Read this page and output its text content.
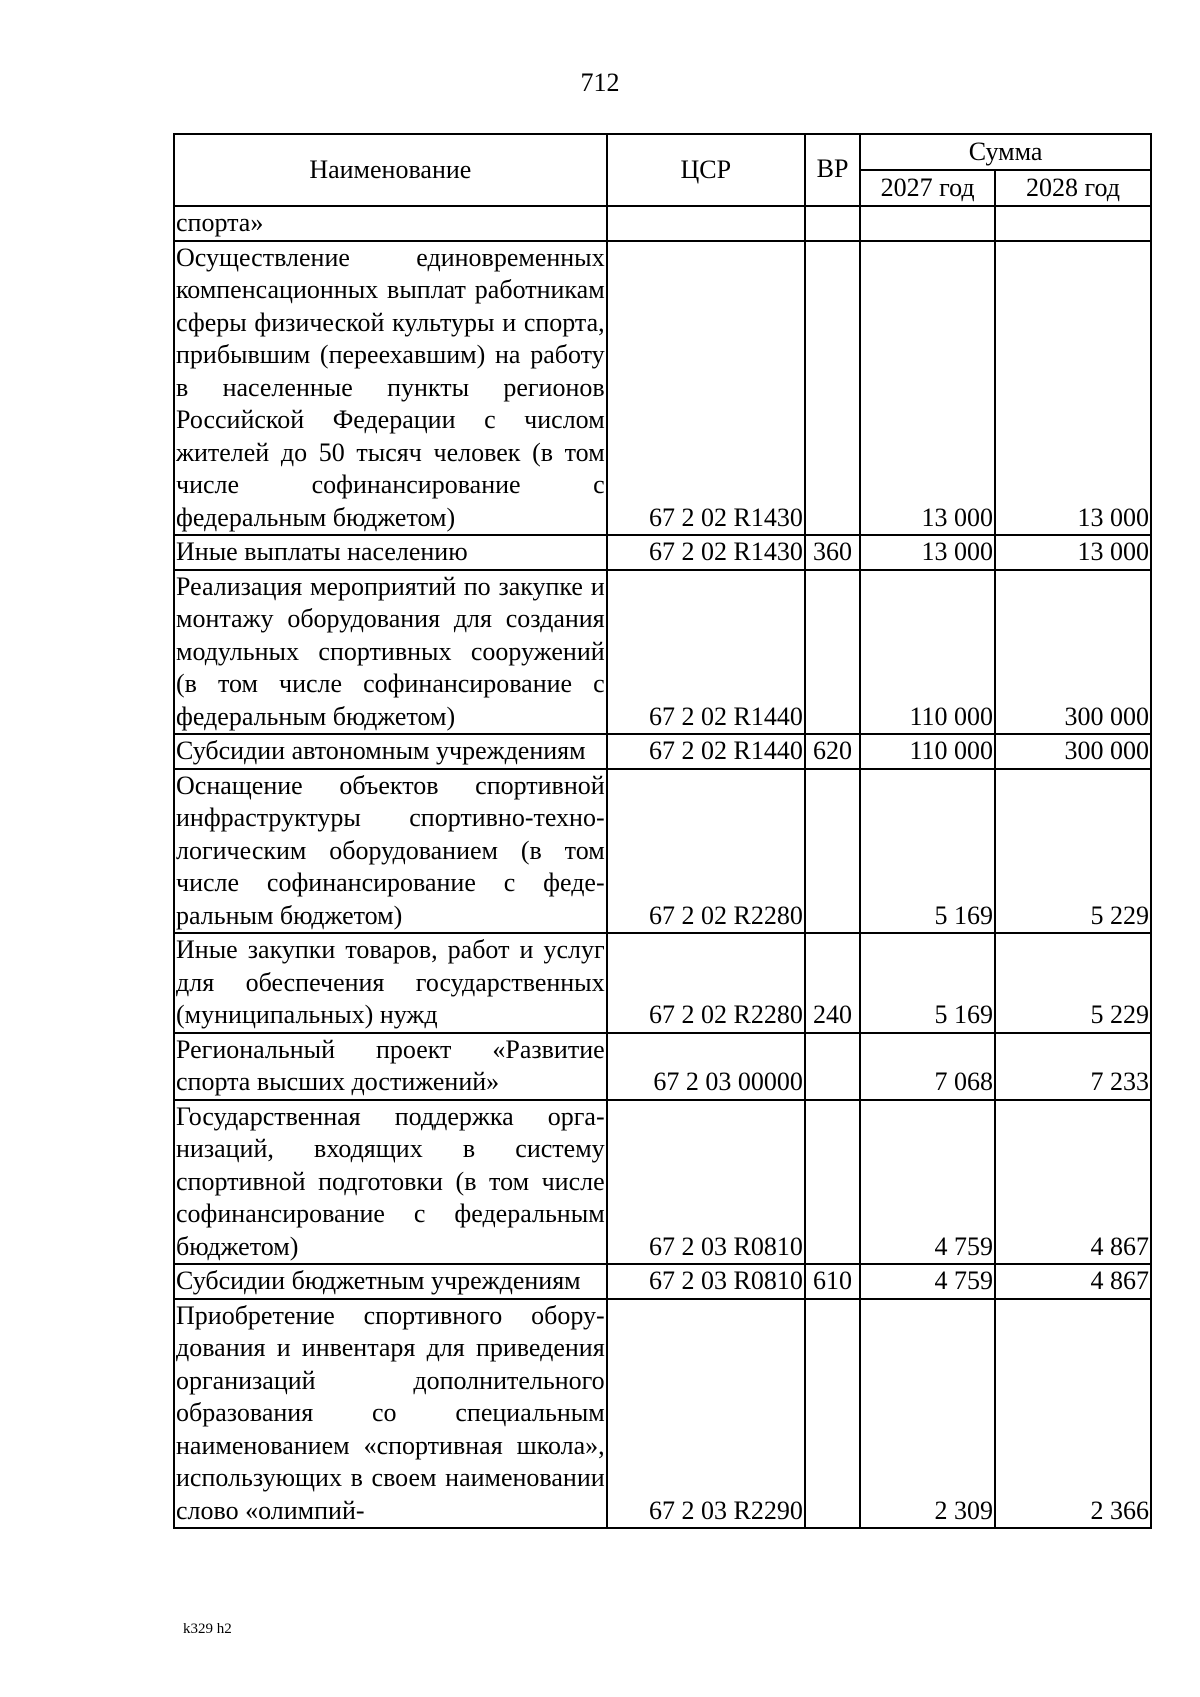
712
Наименование	ЦСР	ВР	Сумма	
			2027 год	2028 год
спорта»				
Осуществление единовременных компенсационных выплат работникам сферы физической культуры и спорта, прибывшим (переехавшим) на работу в населенные пункты регионов Российской Федерации с числом жителей до 50 тысяч человек (в том числе софинансирование с федеральным бюджетом)	67 2 02 R1430		13 000	13 000
Иные выплаты населению	67 2 02 R1430	360	13 000	13 000
Реализация мероприятий по закупке и монтажу оборудования для создания модульных спортивных сооружений (в том числе софинансирование с федеральным бюджетом)	67 2 02 R1440		110 000	300 000
Субсидии автономным учреждениям	67 2 02 R1440	620	110 000	300 000
Оснащение объектов спортивной инфраструктуры спортивно-технологическим оборудованием (в том числе софинансирование с федеральным бюджетом)	67 2 02 R2280		5 169	5 229
Иные закупки товаров, работ и услуг для обеспечения государственных (муниципальных) нужд	67 2 02 R2280	240	5 169	5 229
Региональный проект «Развитие спорта высших достижений»	67 2 03 00000		7 068	7 233
Государственная поддержка организаций, входящих в систему спортивной подготовки (в том числе софинансирование с федеральным бюджетом)	67 2 03 R0810		4 759	4 867
Субсидии бюджетным учреждениям	67 2 03 R0810	610	4 759	4 867
Приобретение спортивного оборудования и инвентаря для приведения организаций дополнительного образования со специальным наименованием «спортивная школа», использующих в своем наименовании слово «олимпий-	67 2 03 R2290		2 309	2 366
k329 h2
